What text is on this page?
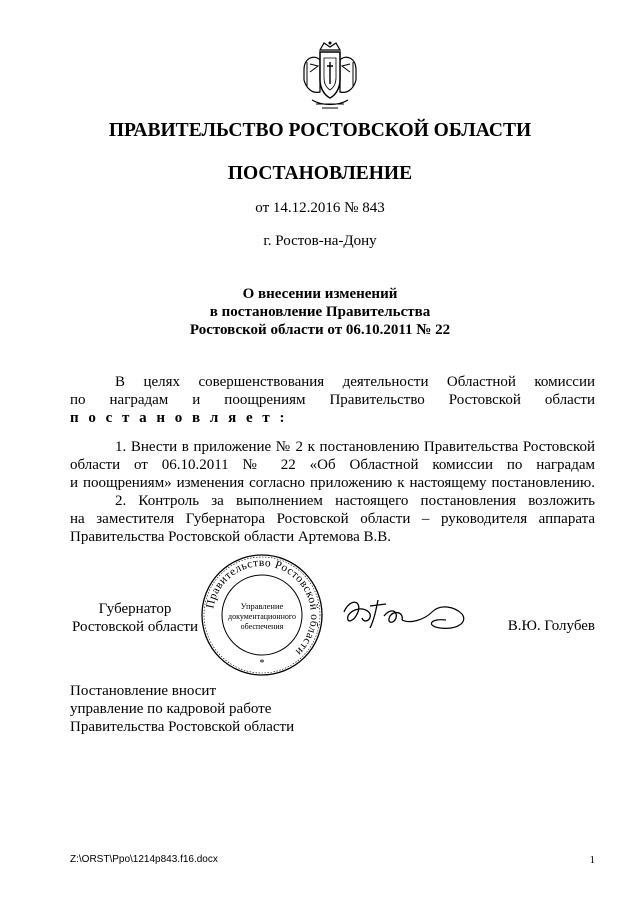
ПРАВИТЕЛЬСТВО РОСТОВСКОЙ ОБЛАСТИ
ПОСТАНОВЛЕНИЕ
от 14.12.2016 № 843
г. Ростов-на-Дону
О внесении изменений
в постановление Правительства
Ростовской области от 06.10.2011 № 22
В целях совершенствования деятельности Областной комиссии
по наградам и поощрениям Правительство Ростовской области
п о с т а н о в л я е т :
1. Внести в приложение № 2 к постановлению Правительства Ростовской
области от 06.10.2011 № 22 «Об Областной комиссии по наградам
и поощрениям» изменения согласно приложению к настоящему постановлению.
2. Контроль за выполнением настоящего постановления возложить
на заместителя Губернатора Ростовской области – руководителя аппарата
Правительства Ростовской области Артемова В.В.
Губернатор
Ростовской области
Правительство Ростовской области
Управление
документационного
обеспечения
*
В.Ю. Голубев
Постановление вносит
управление по кадровой работе
Правительства Ростовской области
Z:\ORST\Ppo\1214p843.f16.docx	1
